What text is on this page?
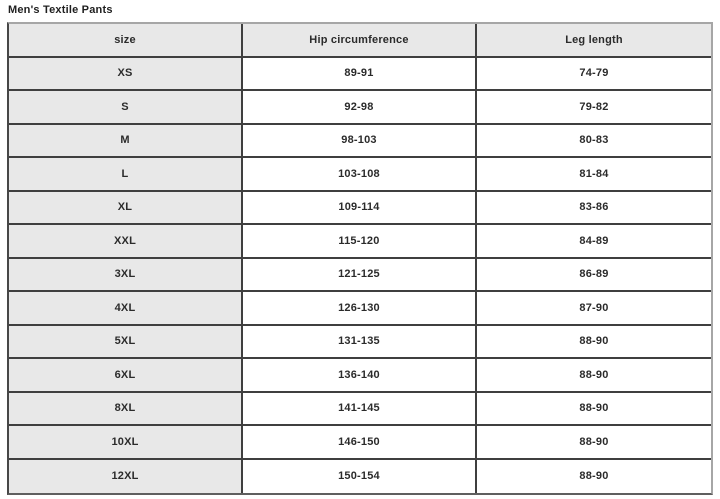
Men's Textile Pants
size	Hip circumference	Leg length
XS	89-91	74-79
S	92-98	79-82
M	98-103	80-83
L	103-108	81-84
XL	109-114	83-86
XXL	115-120	84-89
3XL	121-125	86-89
4XL	126-130	87-90
5XL	131-135	88-90
6XL	136-140	88-90
8XL	141-145	88-90
10XL	146-150	88-90
12XL	150-154	88-90
